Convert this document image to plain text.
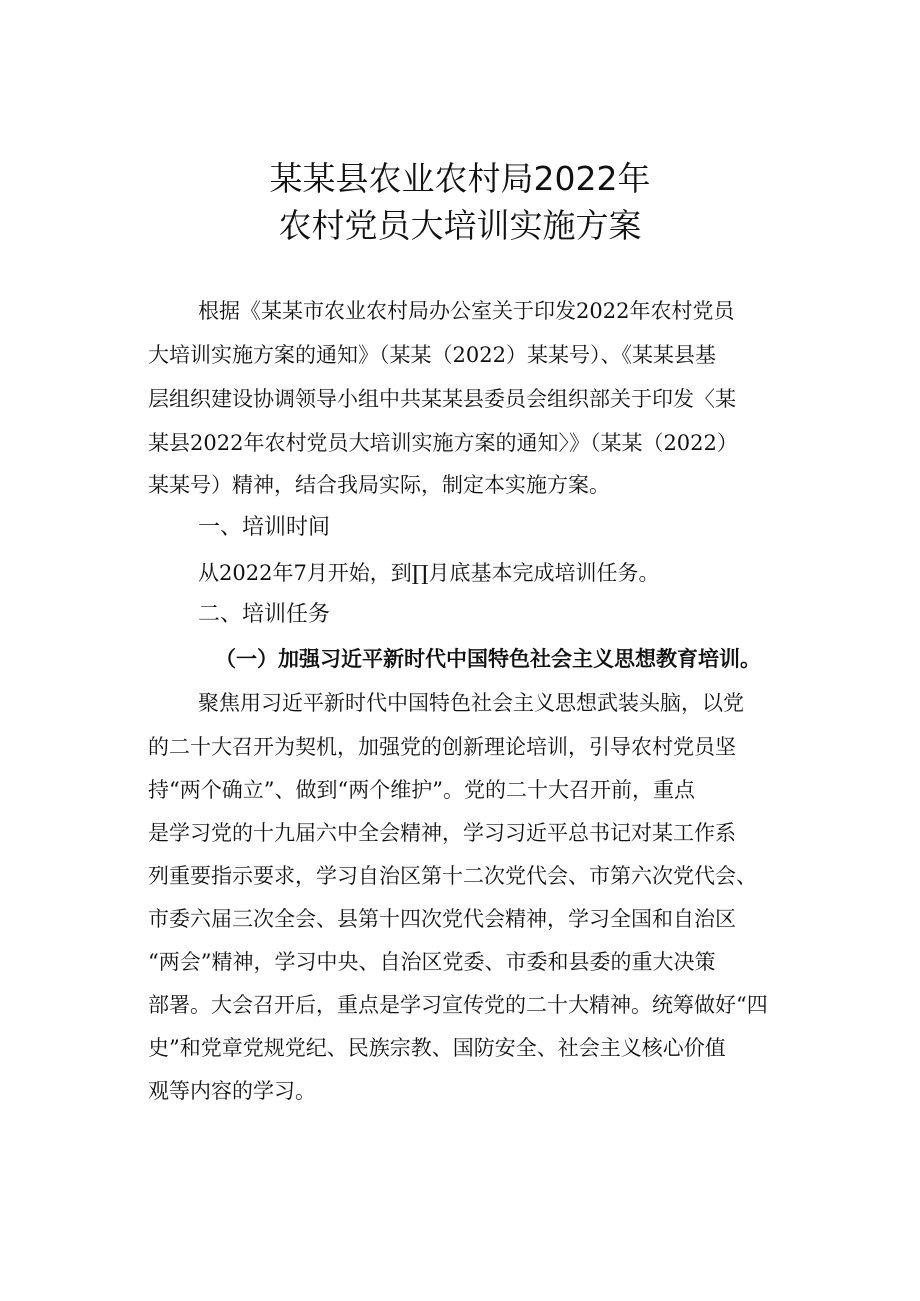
某某县农业农村局2022年
农村党员大培训实施方案
根据《某某市农业农村局办公室关于印发2022年农村党员
大培训实施方案的通知》（某某（2022）某某号）、《某某县基
层组织建设协调领导小组中共某某县委员会组织部关于印发〈某
某县2022年农村党员大培训实施方案的通知〉》（某某（2022）
某某号）精神，结合我局实际，制定本实施方案。
一、培训时间
从2022年7月开始，到∏月底基本完成培训任务。
二、培训任务
（一）加强习近平新时代中国特色社会主义思想教育培训。
聚焦用习近平新时代中国特色社会主义思想武装头脑，以党
的二十大召开为契机，加强党的创新理论培训，引导农村党员坚
持“两个确立”、做到“两个维护”。党的二十大召开前，重点
是学习党的十九届六中全会精神，学习习近平总书记对某工作系
列重要指示要求，学习自治区第十二次党代会、市第六次党代会、
市委六届三次全会、县第十四次党代会精神，学习全国和自治区
“两会”精神，学习中央、自治区党委、市委和县委的重大决策
部署。大会召开后，重点是学习宣传党的二十大精神。统筹做好“四
史”和党章党规党纪、民族宗教、国防安全、社会主义核心价值
观等内容的学习。
